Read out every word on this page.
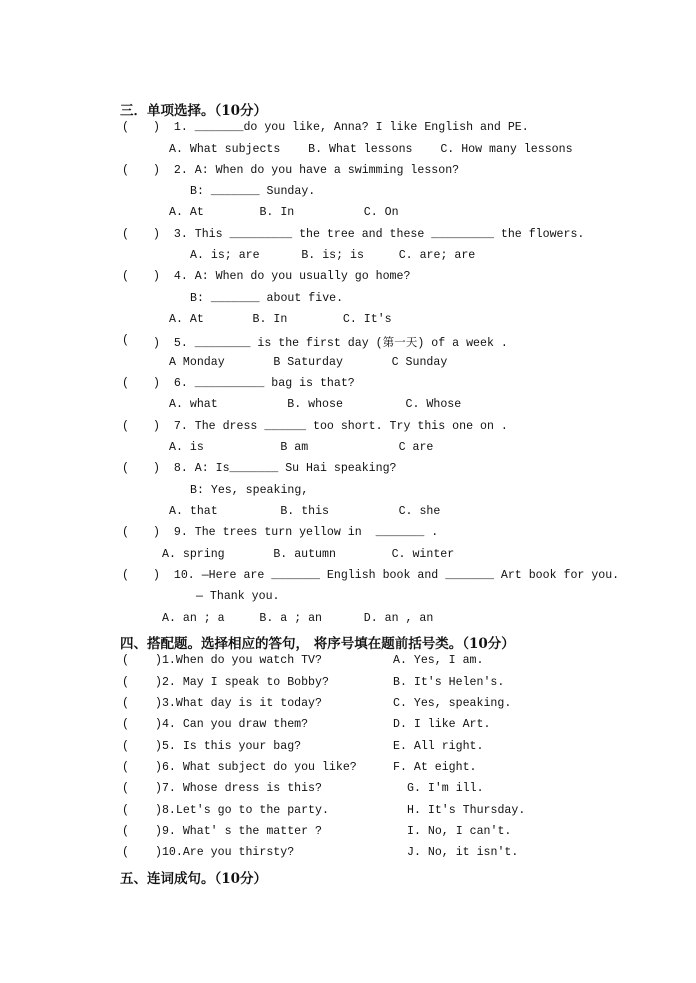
三．单项选择。（10分）
( )  1. _______do you like, Anna? I like English and PE.
A. What subjects    B. What lessons    C. How many lessons
( )  2. A: When do you have a swimming lesson?
B: _______ Sunday.
A. At        B. In          C. On
( )  3. This _________ the tree and these _________ the flowers.
A. is; are      B. is; is     C. are; are
( )  4. A: When do you usually go home?
B: _______ about five.
A. At       B. In        C. It's
( )  5. ________ is the first day (第一天) of a week .
A Monday       B Saturday       C Sunday
( )  6. __________ bag is that?
A. what          B. whose         C. Whose
( )  7. The dress ______ too short. Try this one on .
A. is           B am             C are
( )  8. A: Is_______ Su Hai speaking?
B: Yes, speaking,
A. that         B. this          C. she
( )  9. The trees turn yellow in  _______ .
A. spring       B. autumn        C. winter
( )  10. —Here are _______ English book and _______ Art book for you.
— Thank you.
A. an ; a     B. a ; an      D. an , an
四、搭配题。选择相应的答句， 将序号填在题前括号类。（10分）
( )1.When do you watch TV?	A. Yes, I am.
( )2. May I speak to Bobby?	B. It's Helen's.
( )3.What day is it today?	C. Yes, speaking.
( )4. Can you draw them?	D. I like Art.
( )5. Is this your bag?	E. All right.
( )6. What subject do you like?	F. At eight.
( )7. Whose dress is this?	G. I'm ill.
( )8.Let's go to the party.	H. It's Thursday.
( )9. What' s the matter ?	I. No, I can't.
( )10.Are you thirsty?	J. No, it isn't.
五、连词成句。（10分）
